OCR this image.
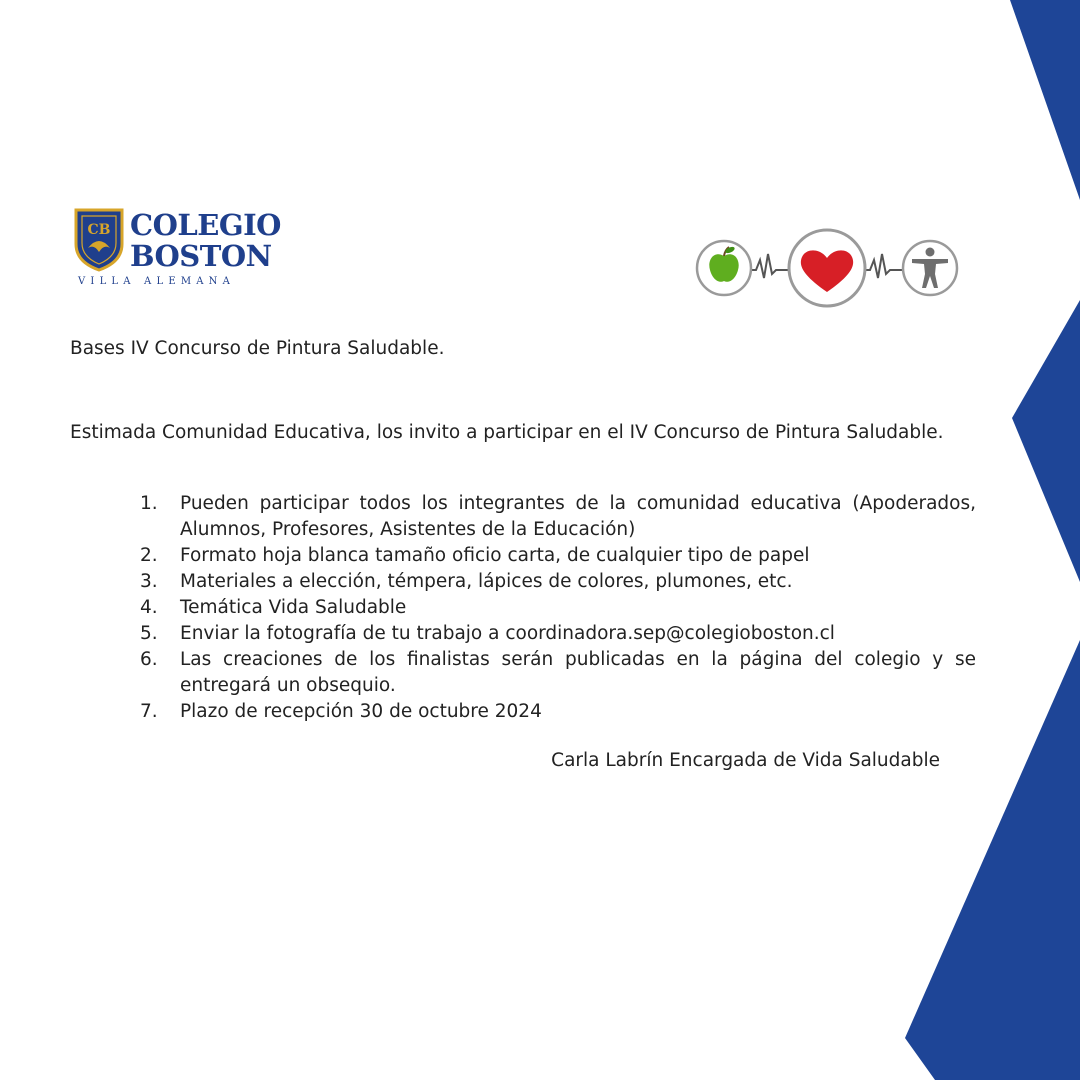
CB COLEGIO
BOSTON
VILLA ALEMANA
Bases IV Concurso de Pintura Saludable.
Estimada Comunidad Educativa, los invito a participar en el IV Concurso de Pintura Saludable.
1. Pueden participar todos los integrantes de la comunidad educativa (Apoderados, Alumnos, Profesores, Asistentes de la Educación)
2. Formato hoja blanca tamaño oficio carta, de cualquier tipo de papel
3. Materiales a elección, témpera, lápices de colores, plumones, etc.
4. Temática Vida Saludable
5. Enviar la fotografía de tu trabajo a coordinadora.sep@colegioboston.cl
6. Las creaciones de los finalistas serán publicadas en la página del colegio y se entregará un obsequio.
7. Plazo de recepción 30 de octubre 2024
Carla Labrín Encargada de Vida Saludable
